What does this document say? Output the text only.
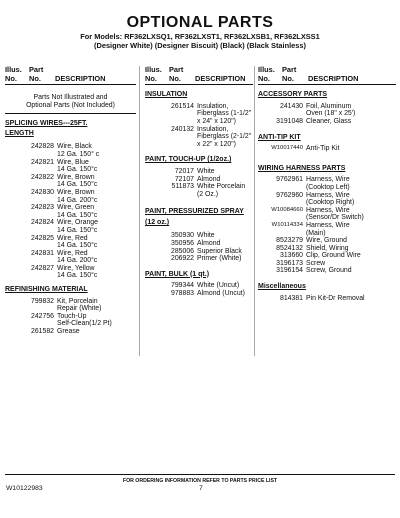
OPTIONAL PARTS
For Models: RF362LXSQ1, RF362LXST1, RF362LXSB1, RF362LXSS1
(Designer White) (Designer Biscuit) (Black) (Black Stainless)
Illus.
No.
Part
No.	DESCRIPTION
Parts Not Illustrated and
Optional Parts (Not Included)
SPLICING WIRES---25FT.
LENGTH
242828 Wire, Black
12 Ga. 150° c
242821 Wire, Blue
14 Ga. 150°c
242822 Wire, Brown
14 Ga. 150°c
242830 Wire, Brown
14 Ga. 200°c
242823 Wire, Green
14 Ga. 150°c
242824 Wire, Orange
14 Ga. 150°c
242825 Wire, Red
14 Ga. 150°c
242831 Wire, Red
14 Ga. 200°c
242827 Wire, Yellow
14 Ga. 150°c
REFINISHING MATERIAL
799832 Kit, Porcelain
Repair (White)
242756 Touch-Up
Self-Clean(1/2 Pt)
261582 Grease
Illus.
No.
Part
No.	DESCRIPTION
INSULATION
261514 Insulation,
Fiberglass (1-1/2"
x 24" x 120")
240132 Insulation,
Fiberglass (2-1/2"
x 22" x 120")
PAINT, TOUCH-UP (1/2oz.)
72017 White
72107 Almond
511873 White Porcelain
(2 Oz.)
PAINT, PRESSURIZED SPRAY
(12 oz.)
350930 White
350956 Almond
285006 Superior Black
206922 Primer (White)
PAINT, BULK (1 qt.)
799344 White (Uncut)
978883 Almond (Uncut)
Illus.
No.
Part
No.	DESCRIPTION
ACCESSORY PARTS
241430 Foil, Aluminum
Oven (18" x 25')
3191048 Cleaner, Glass
ANTI-TIP KIT
W10017440 Anti-Tip Kit
WIRING HARNESS PARTS
9762961 Harness, Wire
(Cooktop Left)
9762960 Harness, Wire
(Cooktop Right)
W10084660 Harness, Wire
(Sensor/Dr Switch)
W10114334 Harness, Wire
(Main)
8523279 Wire, Ground
8524132 Shield, Wiring
313660 Clip, Ground Wire
3196173 Screw
3196154 Screw, Ground
Miscellaneous
814381 Pin Kit-Dr Removal
FOR ORDERING INFORMATION REFER TO PARTS PRICE LIST
W10122983	7
